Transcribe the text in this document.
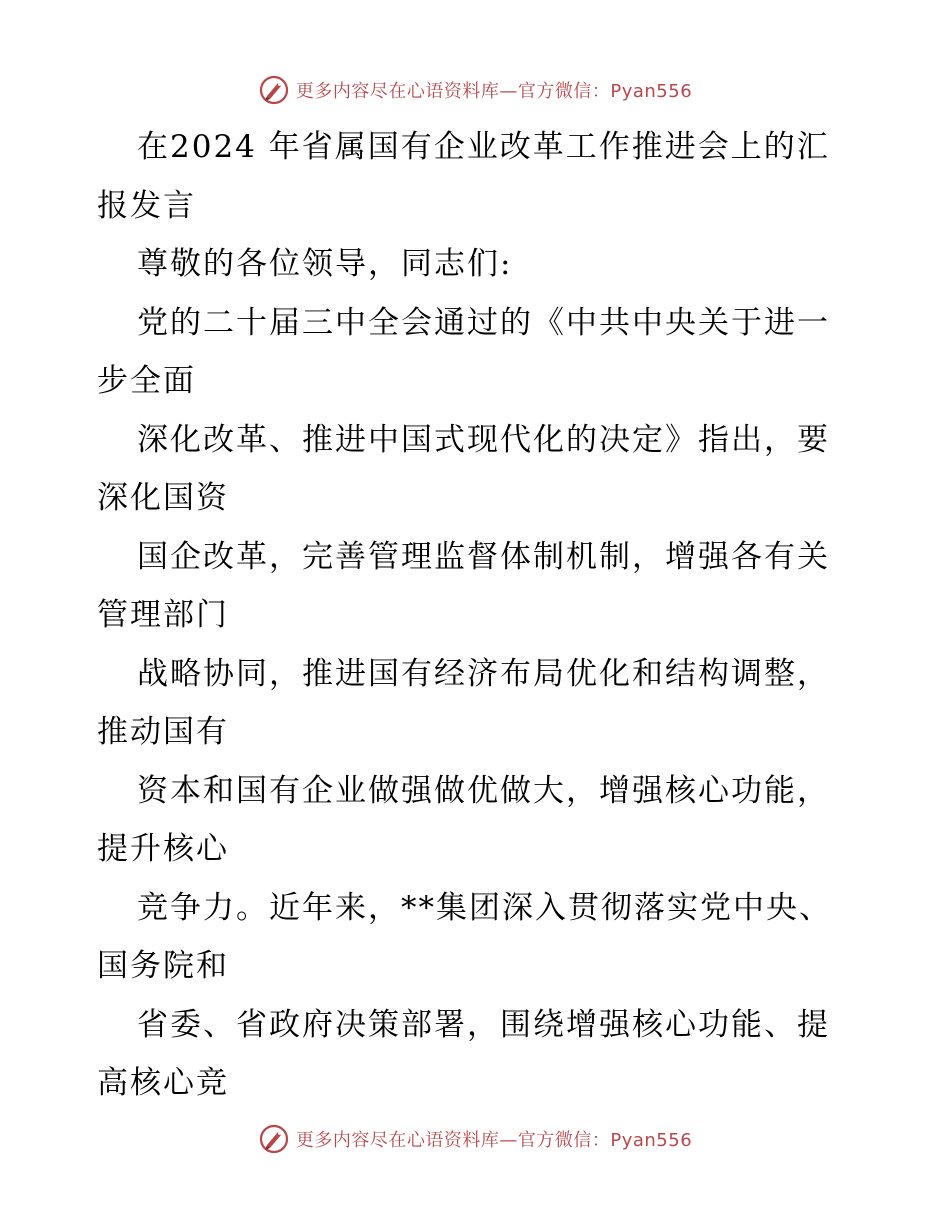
更多内容尽在心语资料库—官方微信：Pyan556
在2024 年省属国有企业改革工作推进会上的汇
报发言
尊敬的各位领导，同志们:
党的二十届三中全会通过的《中共中央关于进一
步全面
深化改革、推进中国式现代化的决定》指出，要
深化国资
国企改革，完善管理监督体制机制，增强各有关
管理部门
战略协同，推进国有经济布局优化和结构调整，
推动国有
资本和国有企业做强做优做大，增强核心功能，
提升核心
竞争力。近年来，**集团深入贯彻落实党中央、
国务院和
省委、省政府决策部署，围绕增强核心功能、提
高核心竞
更多内容尽在心语资料库—官方微信：Pyan556
